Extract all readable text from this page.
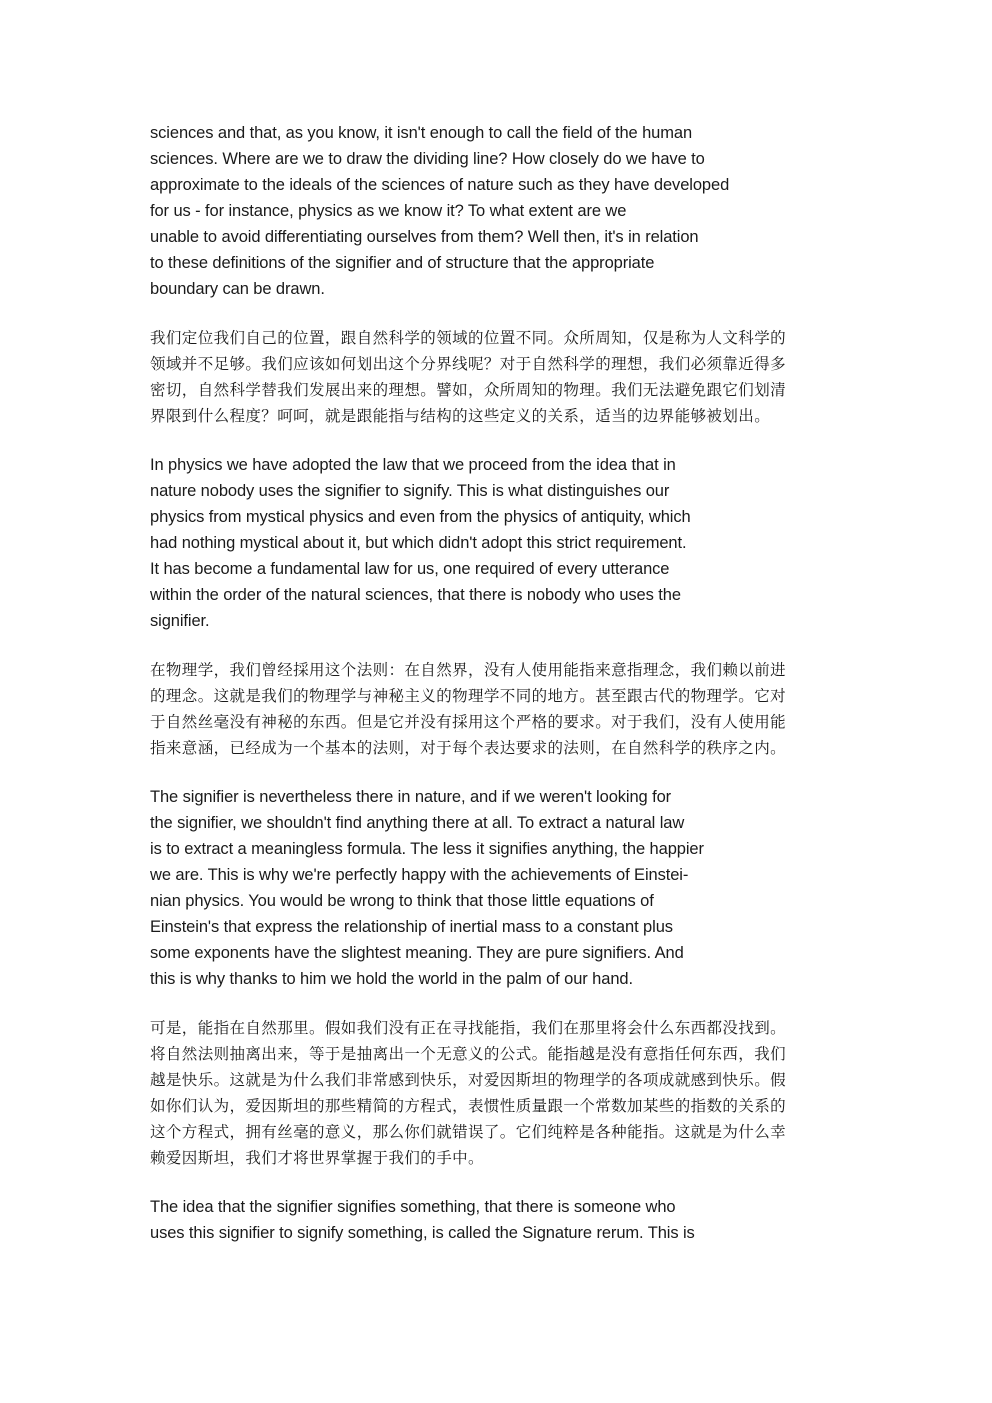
sciences and that, as you know, it isn't enough to call the field of the human
sciences. Where are we to draw the dividing line? How closely do we have to
approximate to the ideals of the sciences of nature such as they have developed
for us - for instance, physics as we know it? To what extent are we
unable to avoid differentiating ourselves from them? Well then, it's in relation
to these definitions of the signifier and of structure that the appropriate
boundary can be drawn.
我们定位我们自己的位置，跟自然科学的领域的位置不同。众所周知，仅是称为人文科学的
领域并不足够。我们应该如何划出这个分界线呢？对于自然科学的理想，我们必须靠近得多
密切，自然科学替我们发展出来的理想。譬如，众所周知的物理。我们无法避免跟它们划清
界限到什么程度？呵呵，就是跟能指与结构的这些定义的关系，适当的边界能够被划出。
In physics we have adopted the law that we proceed from the idea that in
nature nobody uses the signifier to signify. This is what distinguishes our
physics from mystical physics and even from the physics of antiquity, which
had nothing mystical about it, but which didn't adopt this strict requirement.
It has become a fundamental law for us, one required of every utterance
within the order of the natural sciences, that there is nobody who uses the
signifier.
在物理学，我们曾经採用这个法则：在自然界，没有人使用能指来意指理念，我们赖以前进
的理念。这就是我们的物理学与神秘主义的物理学不同的地方。甚至跟古代的物理学。它对
于自然丝毫没有神秘的东西。但是它并没有採用这个严格的要求。对于我们，没有人使用能
指来意涵，已经成为一个基本的法则，对于每个表达要求的法则，在自然科学的秩序之内。
The signifier is nevertheless there in nature, and if we weren't looking for
the signifier, we shouldn't find anything there at all. To extract a natural law
is to extract a meaningless formula. The less it signifies anything, the happier
we are. This is why we're perfectly happy with the achievements of Einstei-
nian physics. You would be wrong to think that those little equations of
Einstein's that express the relationship of inertial mass to a constant plus
some exponents have the slightest meaning. They are pure signifiers. And
this is why thanks to him we hold the world in the palm of our hand.
可是，能指在自然那里。假如我们没有正在寻找能指，我们在那里将会什么东西都没找到。
将自然法则抽离出来，等于是抽离出一个无意义的公式。能指越是没有意指任何东西，我们
越是快乐。这就是为什么我们非常感到快乐，对爱因斯坦的物理学的各项成就感到快乐。假
如你们认为，爱因斯坦的那些精简的方程式，表惯性质量跟一个常数加某些的指数的关系的
这个方程式，拥有丝毫的意义，那么你们就错误了。它们纯粹是各种能指。这就是为什么幸
赖爱因斯坦，我们才将世界掌握于我们的手中。
The idea that the signifier signifies something, that there is someone who
uses this signifier to signify something, is called the Signature rerum. This is
